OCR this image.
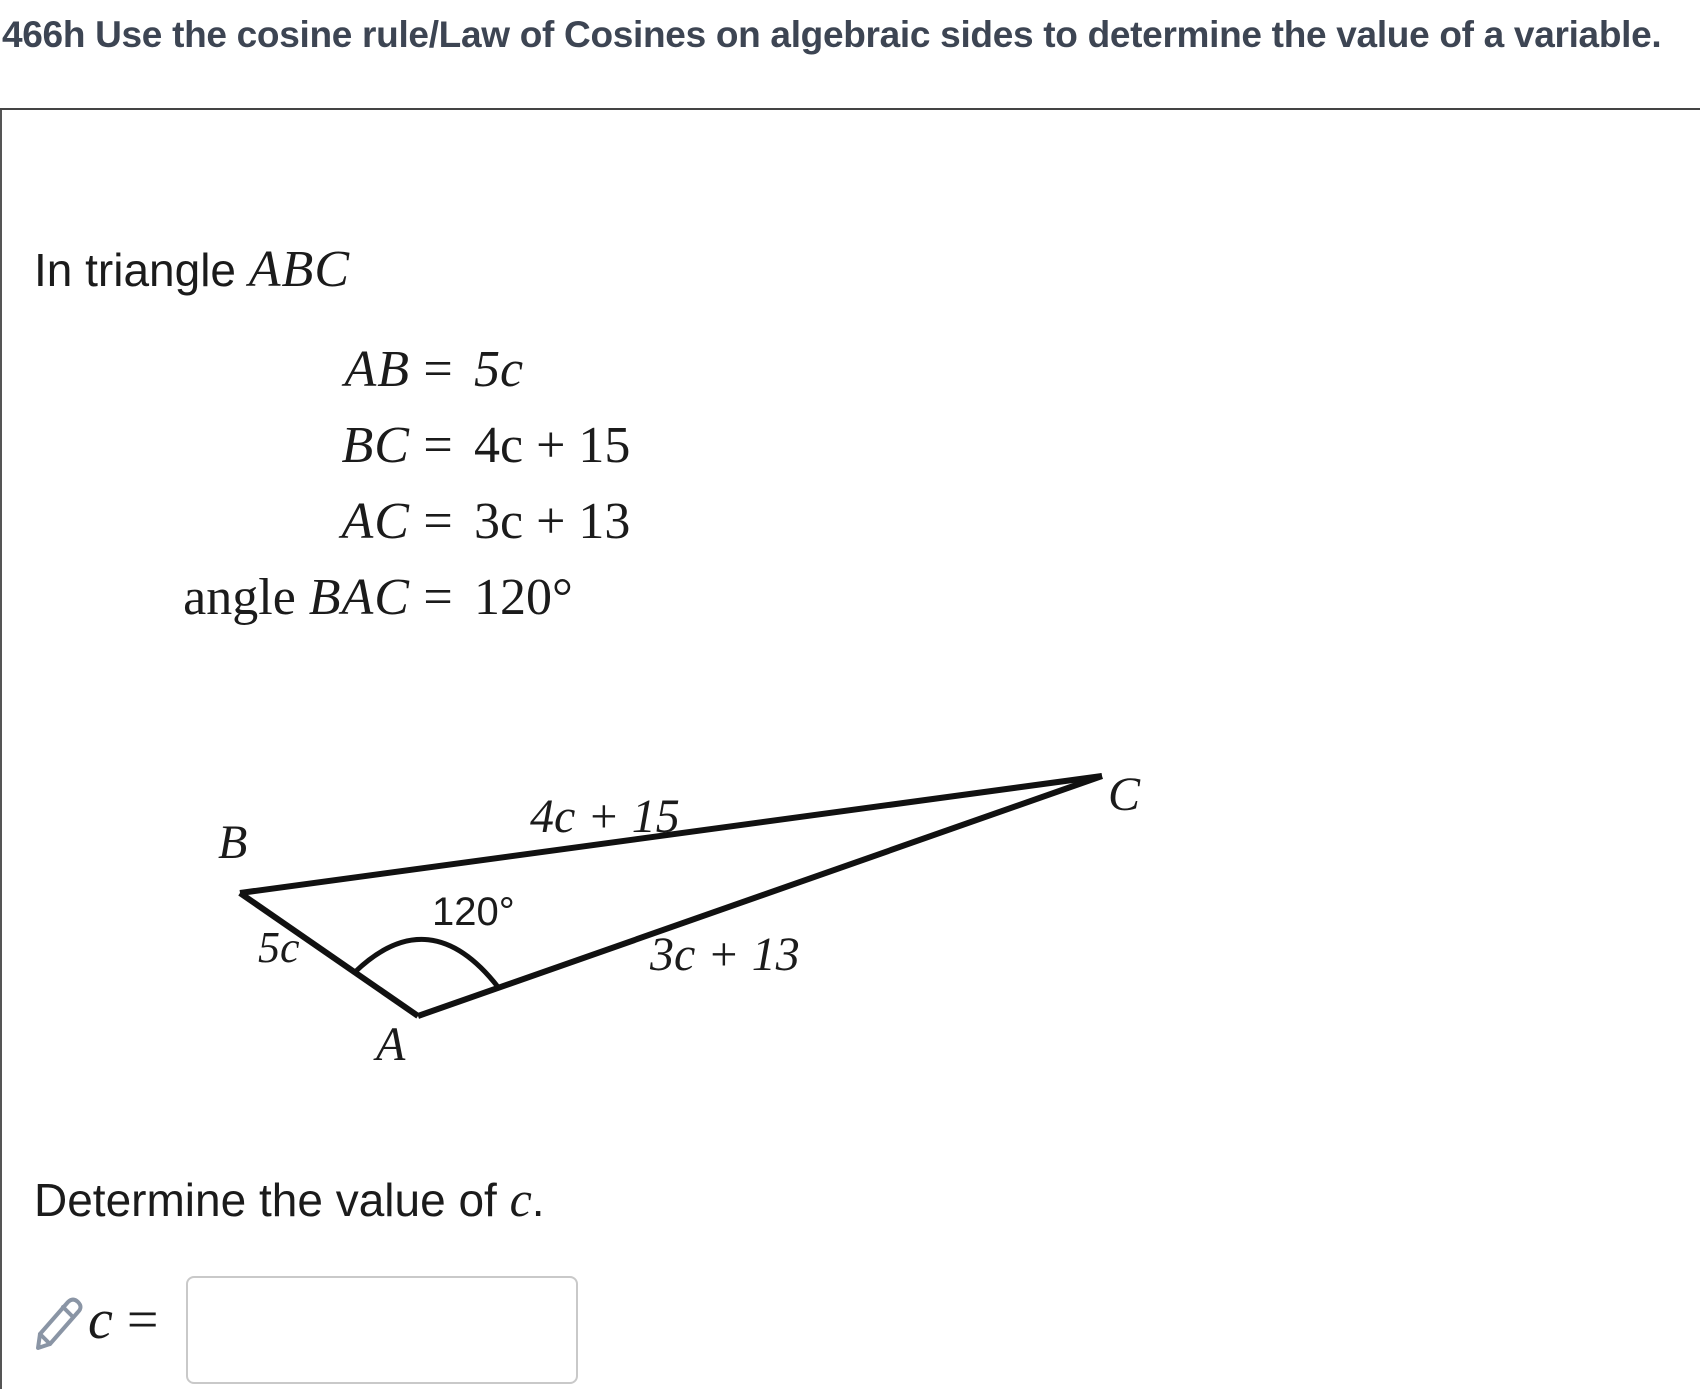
466h Use the cosine rule/Law of Cosines on algebraic sides to determine the value of a variable.
In triangle ABC
AB = 5c
BC = 4c + 15
AC = 3c + 13
angle BAC = 120°
B
C
A
4c + 15
5c	3c + 13
120°
Determine the value of c.
c =
